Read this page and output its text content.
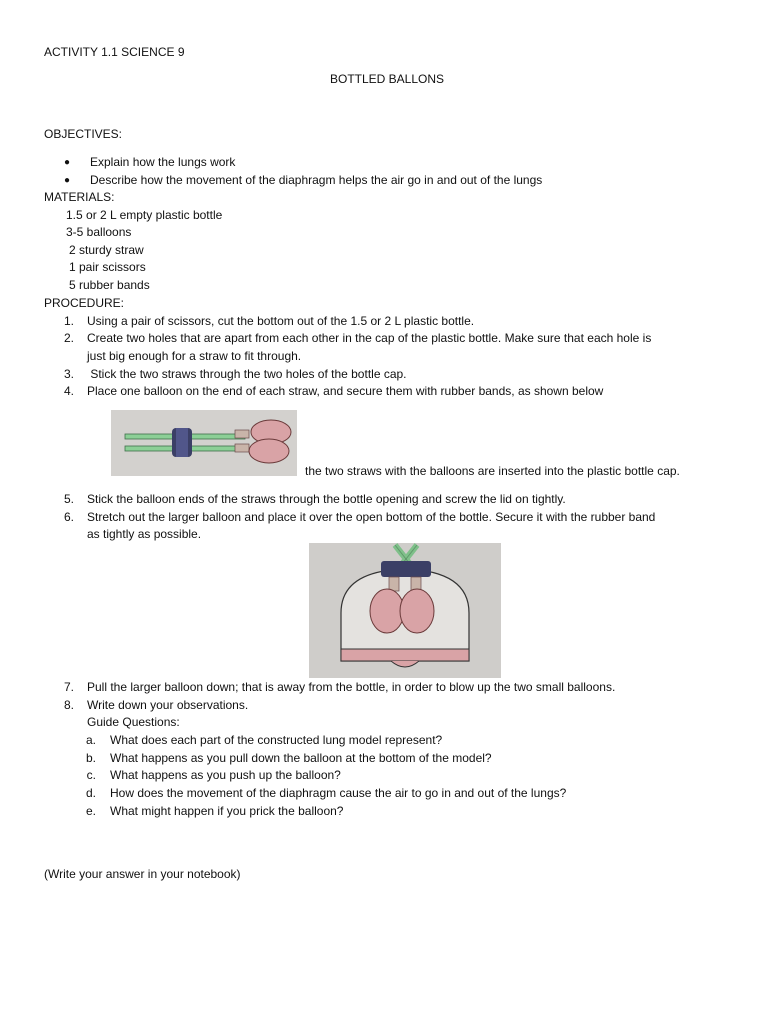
ACTIVITY 1.1 SCIENCE 9
BOTTLED BALLONS
OBJECTIVES:
● Explain how the lungs work
● Describe how the movement of the diaphragm helps the air go in and out of the lungs
MATERIALS:
1.5 or 2 L empty plastic bottle
3-5 balloons
2 sturdy straw
1 pair scissors
5 rubber bands
PROCEDURE:
1. Using a pair of scissors, cut the bottom out of the 1.5 or 2 L plastic bottle.
2. Create two holes that are apart from each other in the cap of the plastic bottle. Make sure that each hole is
just big enough for a straw to fit through.
3. Stick the two straws through the two holes of the bottle cap.
4. Place one balloon on the end of each straw, and secure them with rubber bands, as shown below
the two straws with the balloons are inserted into the plastic bottle cap.
5. Stick the balloon ends of the straws through the bottle opening and screw the lid on tightly.
6. Stretch out the larger balloon and place it over the open bottom of the bottle. Secure it with the rubber band
as tightly as possible.
7. Pull the larger balloon down; that is away from the bottle, in order to blow up the two small balloons.
8. Write down your observations.
Guide Questions:
a. What does each part of the constructed lung model represent?
b. What happens as you pull down the balloon at the bottom of the model?
c. What happens as you push up the balloon?
d. How does the movement of the diaphragm cause the air to go in and out of the lungs?
e. What might happen if you prick the balloon?
(Write your answer in your notebook)
